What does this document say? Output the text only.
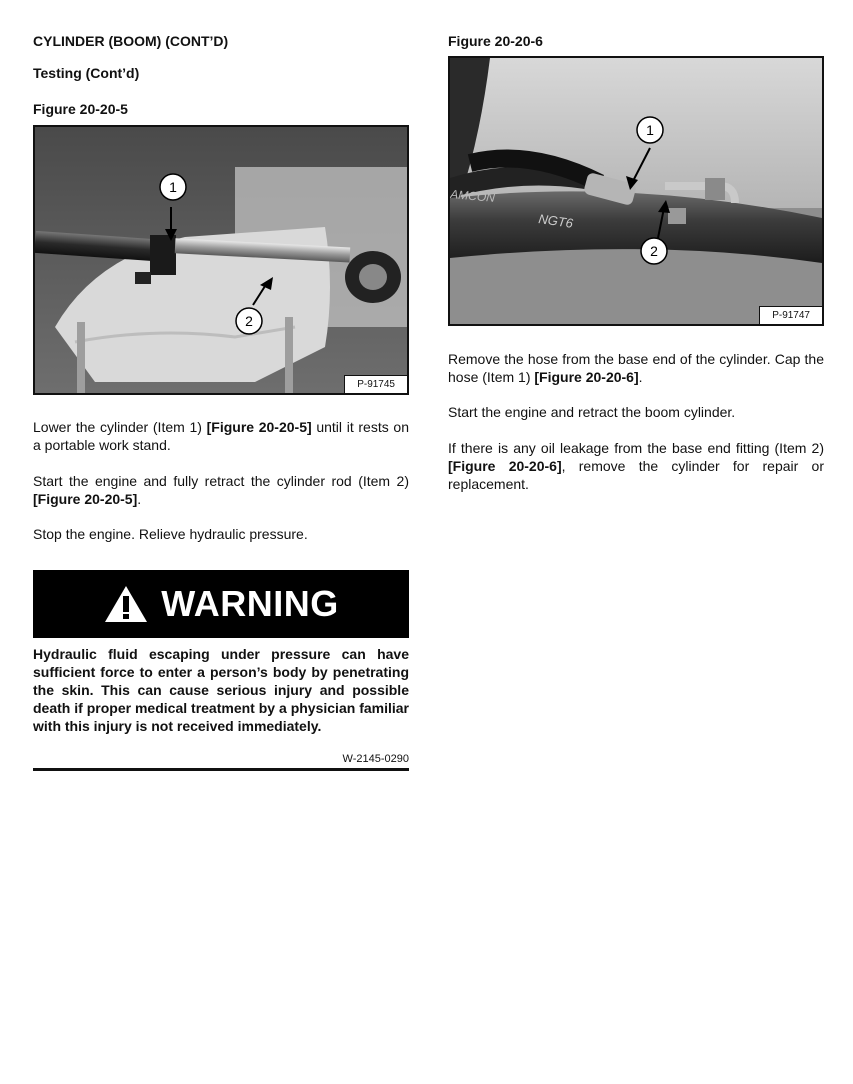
CYLINDER (BOOM) (CONT’D)
Testing (Cont’d)
Figure 20-20-5
1
2
P-91745
Lower the cylinder (Item 1) [Figure 20-20-5] until it rests on a portable work stand.
Start the engine and fully retract the cylinder rod (Item 2) [Figure 20-20-5].
Stop the engine. Relieve hydraulic pressure.
WARNING
Hydraulic fluid escaping under pressure can have sufficient force to enter a person’s body by penetrating the skin. This can cause serious injury and possible death if proper medical treatment by a physician familiar with this injury is not received immediately.
W-2145-0290
Figure 20-20-6
AMCON
NGT6
1
2
P-91747
Remove the hose from the base end of the cylinder. Cap the hose (Item 1) [Figure 20-20-6].
Start the engine and retract the boom cylinder.
If there is any oil leakage from the base end fitting (Item 2) [Figure 20-20-6], remove the cylinder for repair or replacement.
